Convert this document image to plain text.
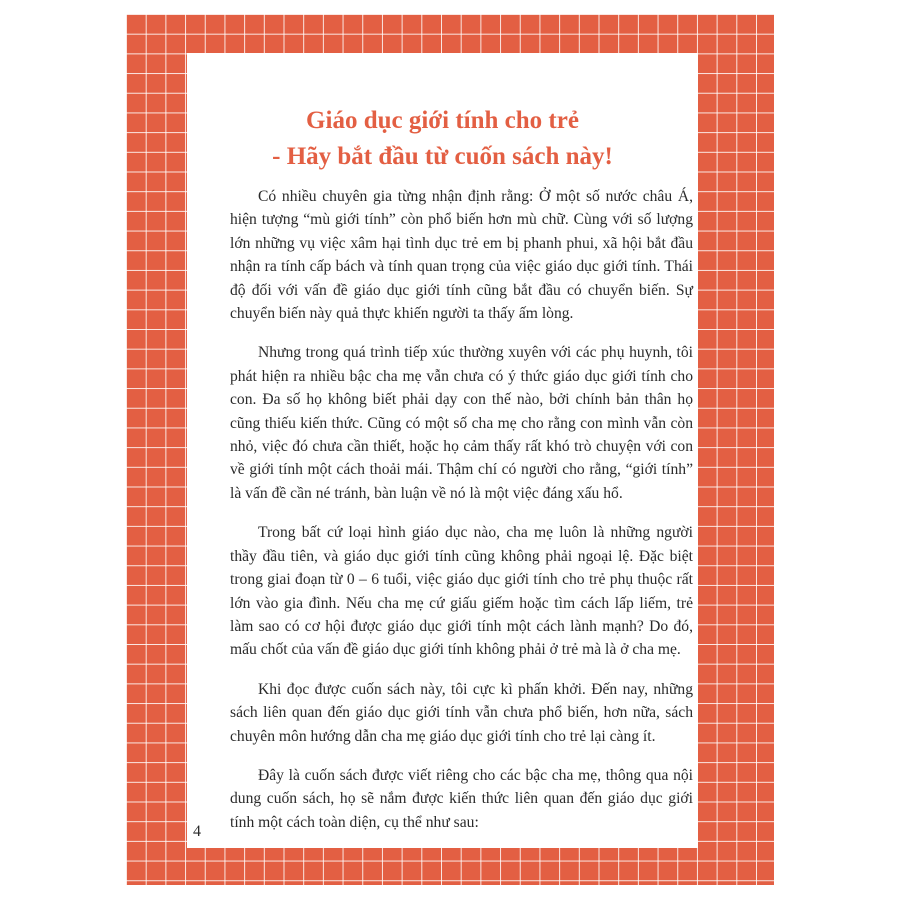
Giáo dục giới tính cho trẻ
- Hãy bắt đầu từ cuốn sách này!

Có nhiều chuyên gia từng nhận định rằng: Ở một số nước châu Á, hiện tượng “mù giới tính” còn phổ biến hơn mù chữ. Cùng với số lượng lớn những vụ việc xâm hại tình dục trẻ em bị phanh phui, xã hội bắt đầu nhận ra tính cấp bách và tính quan trọng của việc giáo dục giới tính. Thái độ đối với vấn đề giáo dục giới tính cũng bắt đầu có chuyển biến. Sự chuyển biến này quả thực khiến người ta thấy ấm lòng.

Nhưng trong quá trình tiếp xúc thường xuyên với các phụ huynh, tôi phát hiện ra nhiều bậc cha mẹ vẫn chưa có ý thức giáo dục giới tính cho con. Đa số họ không biết phải dạy con thế nào, bởi chính bản thân họ cũng thiếu kiến thức. Cũng có một số cha mẹ cho rằng con mình vẫn còn nhỏ, việc đó chưa cần thiết, hoặc họ cảm thấy rất khó trò chuyện với con về giới tính một cách thoải mái. Thậm chí có người cho rằng, “giới tính” là vấn đề cần né tránh, bàn luận về nó là một việc đáng xấu hổ.

Trong bất cứ loại hình giáo dục nào, cha mẹ luôn là những người thầy đầu tiên, và giáo dục giới tính cũng không phải ngoại lệ. Đặc biệt trong giai đoạn từ 0 – 6 tuổi, việc giáo dục giới tính cho trẻ phụ thuộc rất lớn vào gia đình. Nếu cha mẹ cứ giấu giếm hoặc tìm cách lấp liếm, trẻ làm sao có cơ hội được giáo dục giới tính một cách lành mạnh? Do đó, mấu chốt của vấn đề giáo dục giới tính không phải ở trẻ mà là ở cha mẹ.

Khi đọc được cuốn sách này, tôi cực kì phấn khởi. Đến nay, những sách liên quan đến giáo dục giới tính vẫn chưa phổ biến, hơn nữa, sách chuyên môn hướng dẫn cha mẹ giáo dục giới tính cho trẻ lại càng ít.

Đây là cuốn sách được viết riêng cho các bậc cha mẹ, thông qua nội dung cuốn sách, họ sẽ nắm được kiến thức liên quan đến giáo dục giới tính một cách toàn diện, cụ thể như sau:

4
